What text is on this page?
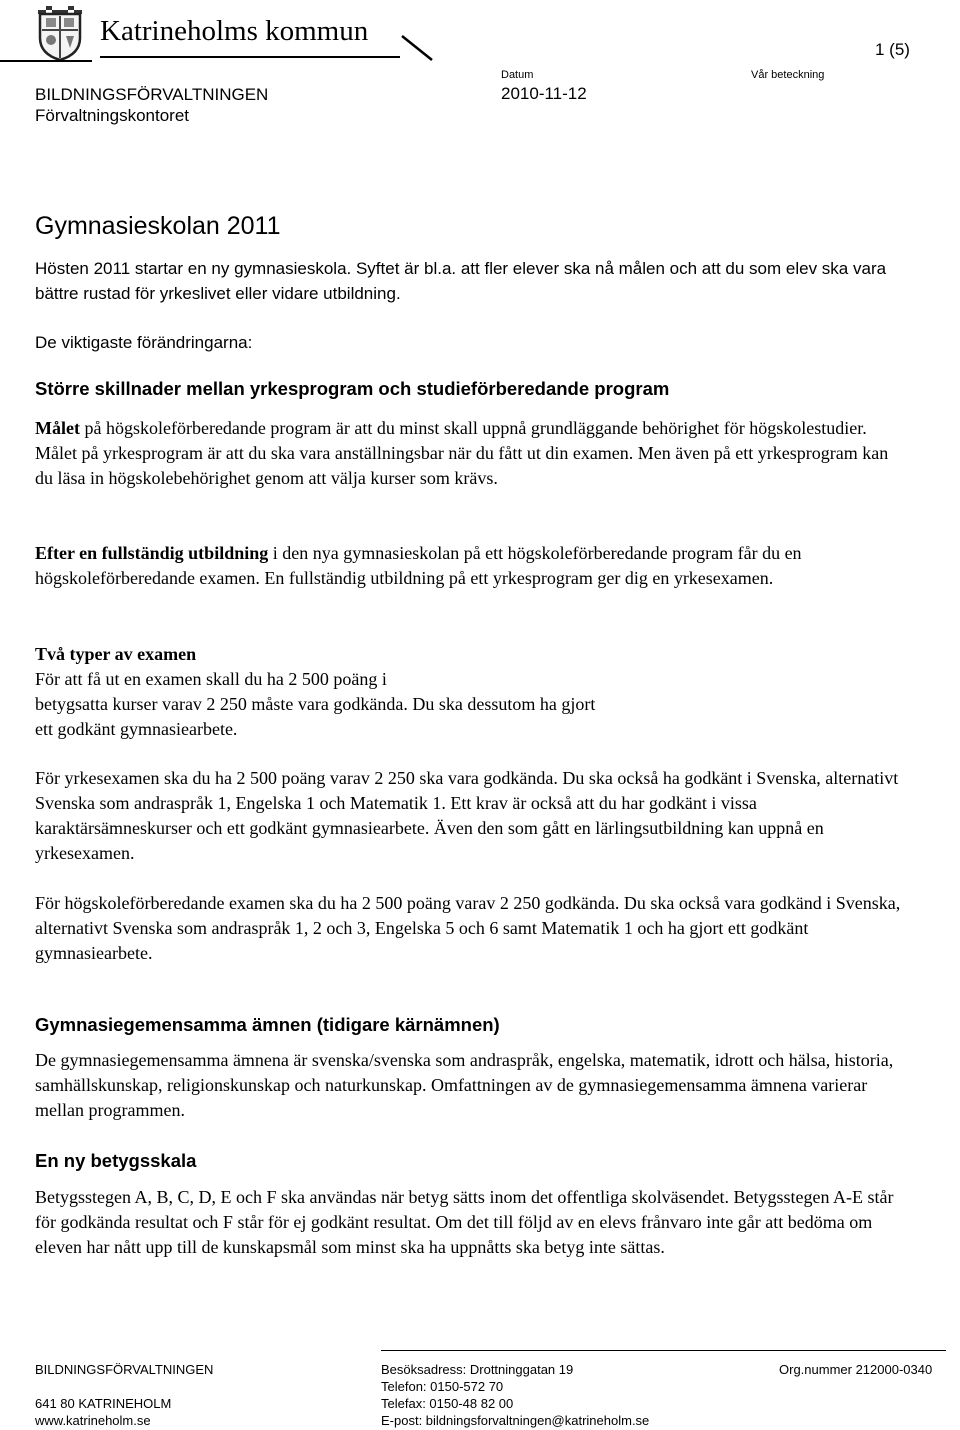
Katrineholms kommun
1 (5)
BILDNINGSFÖRVALTNINGEN
Förvaltningskontoret
Datum
2010-11-12
Vår beteckning
Gymnasieskolan 2011
Hösten 2011 startar en ny gymnasieskola. Syftet är bl.a. att fler elever ska nå målen och att du som elev ska vara bättre rustad för yrkeslivet eller vidare utbildning.
De viktigaste förändringarna:
Större skillnader mellan yrkesprogram och studieförberedande program
Målet på högskoleförberedande program är att du minst skall uppnå grundläggande behörighet för högskolestudier. Målet på yrkesprogram är att du ska vara anställningsbar när du fått ut din examen. Men även på ett yrkesprogram kan du läsa in högskolebehörighet genom att välja kurser som krävs.
Efter en fullständig utbildning i den nya gymnasieskolan på ett högskoleförberedande program får du en högskoleförberedande examen. En fullständig utbildning på ett yrkesprogram ger dig en yrkesexamen.
Två typer av examen
För att få ut en examen skall du ha 2 500 poäng i
betygsatta kurser varav 2 250 måste vara godkända. Du ska dessutom ha gjort
ett godkänt gymnasiearbete.
För yrkesexamen ska du ha 2 500 poäng varav 2 250 ska vara godkända. Du ska också ha godkänt i Svenska, alternativt Svenska som andraspråk 1, Engelska 1 och Matematik 1. Ett krav är också att du har godkänt i vissa karaktärsämneskurser och ett godkänt gymnasiearbete. Även den som gått en lärlingsutbildning kan uppnå en yrkesexamen.
För högskoleförberedande examen ska du ha 2 500 poäng varav 2 250 godkända. Du ska också vara godkänd i Svenska, alternativt Svenska som andraspråk 1, 2 och 3, Engelska 5 och 6 samt Matematik 1 och ha gjort ett godkänt gymnasiearbete.
Gymnasiegemensamma ämnen (tidigare kärnämnen)
De gymnasiegemensamma ämnena är svenska/svenska som andraspråk, engelska, matematik, idrott och hälsa, historia, samhällskunskap, religionskunskap och naturkunskap. Omfattningen av de gymnasiegemensamma ämnena varierar mellan programmen.
En ny betygsskala
Betygsstegen A, B, C, D, E och F ska användas när betyg sätts inom det offentliga skolväsendet. Betygsstegen A-E står för godkända resultat och F står för ej godkänt resultat. Om det till följd av en elevs frånvaro inte går att bedöma om eleven har nått upp till de kunskapsmål som minst ska ha uppnåtts ska betyg inte sättas.
BILDNINGSFÖRVALTNINGEN
641 80 KATRINEHOLM
www.katrineholm.se
Besöksadress: Drottninggatan 19
Telefon: 0150-572 70
Telefax: 0150-48 82 00
E-post: bildningsforvaltningen@katrineholm.se
Org.nummer 212000-0340
